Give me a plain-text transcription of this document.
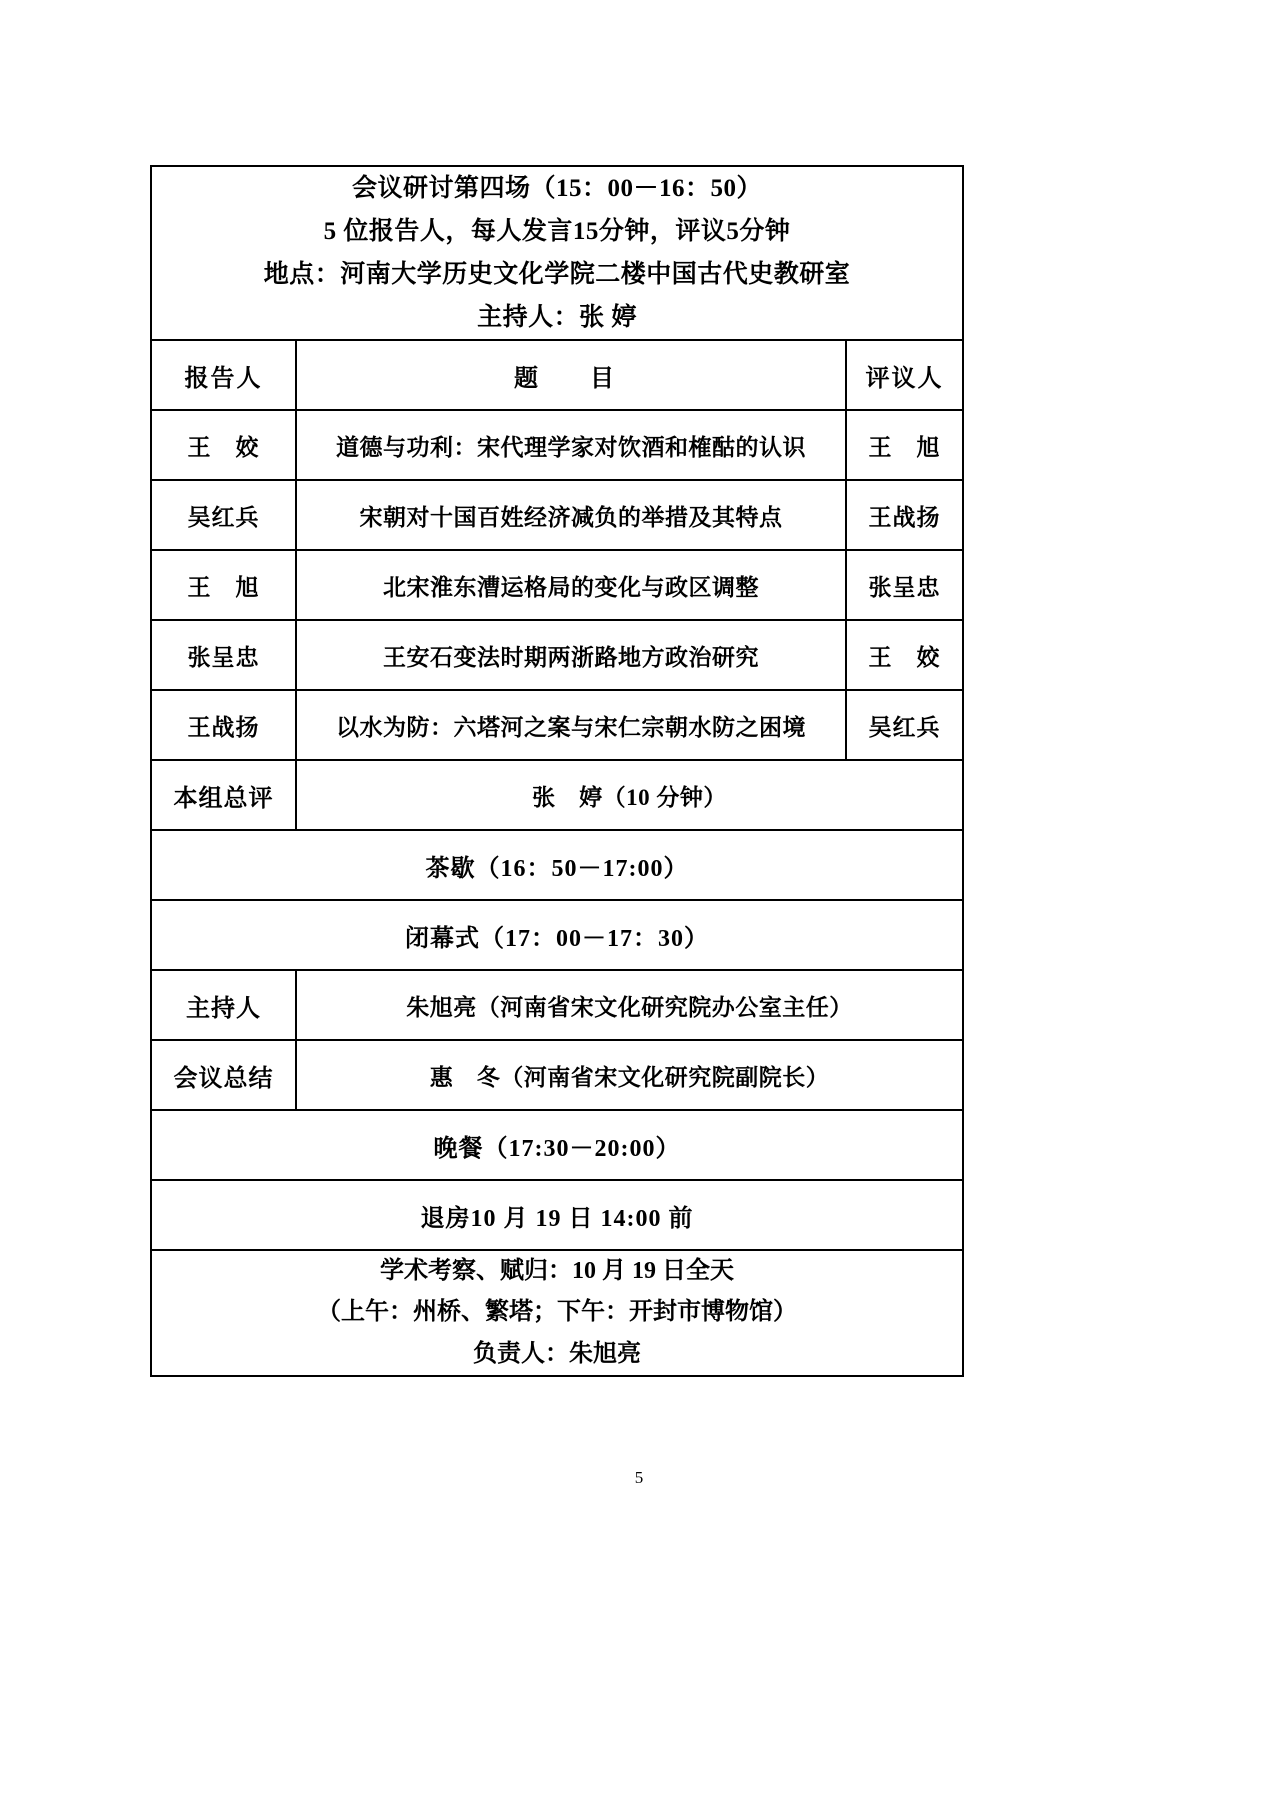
会议研讨第四场（15：00－16：50）
5 位报告人，每人发言15分钟，评议5分钟
地点：河南大学历史文化学院二楼中国古代史教研室
主持人：张 婷		

报告人	题　目	评议人
王　姣	道德与功利：宋代理学家对饮酒和榷酤的认识	王　旭
吴红兵	宋朝对十国百姓经济减负的举措及其特点	王战扬
王　旭	北宋淮东漕运格局的变化与政区调整	张呈忠
张呈忠	王安石变法时期两浙路地方政治研究	王　姣
王战扬	以水为防：六塔河之案与宋仁宗朝水防之困境	吴红兵
本组总评	张　婷（10 分钟）	
茶歇（16：50－17:00）		
闭幕式（17：00－17：30）		
主持人	朱旭亮（河南省宋文化研究院办公室主任）	
会议总结	惠　冬（河南省宋文化研究院副院长）	
晚餐（17:30－20:00）		
退房10 月 19 日 14:00 前		

学术考察、赋归：10 月 19 日全天
（上午：州桥、繁塔；下午：开封市博物馆）
负责人：朱旭亮		
5
